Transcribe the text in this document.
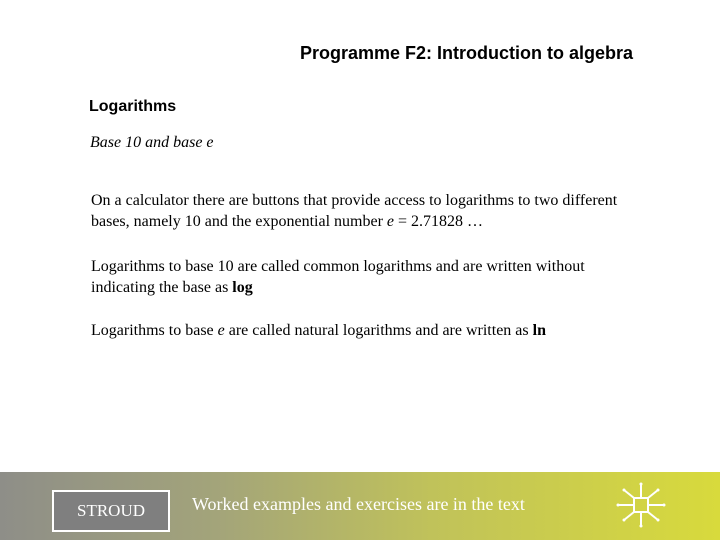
Programme F2: Introduction to algebra
Logarithms
Base 10 and base e
On a calculator there are buttons that provide access to logarithms to two different bases, namely 10 and the exponential number e = 2.71828 …
Logarithms to base 10 are called common logarithms and are written without indicating the base as log
Logarithms to base e are called natural logarithms and are written as ln
STROUD	Worked examples and exercises are in the text
